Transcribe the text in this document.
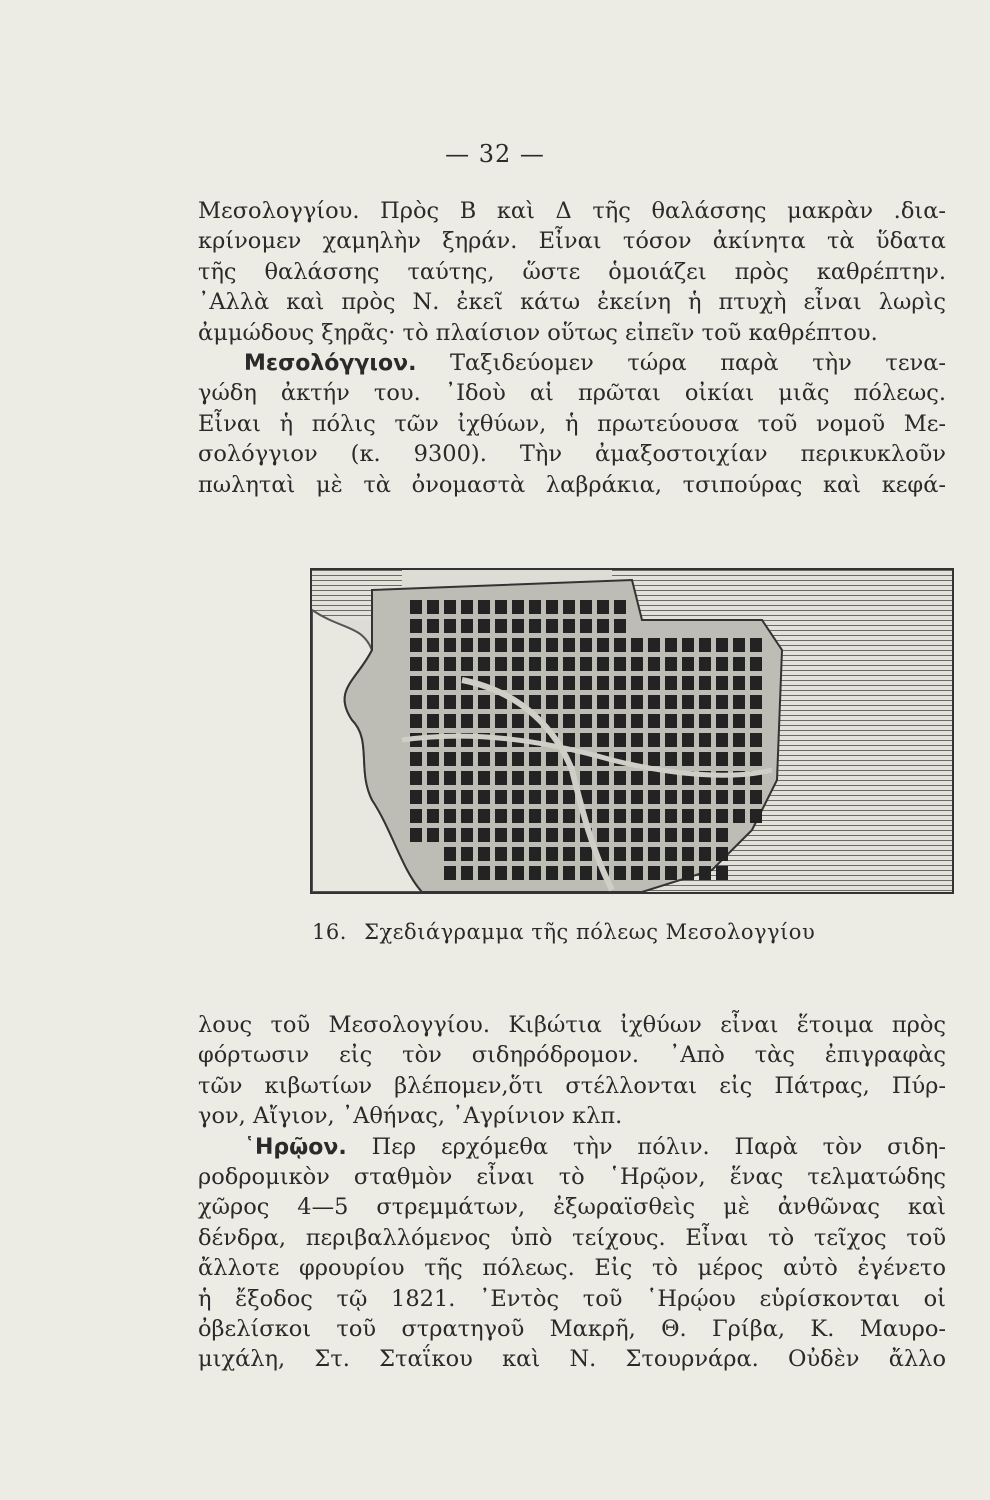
— 32 —
Μεσολογγίου. Πρὸς Β καὶ Δ τῆς θαλάσσης μακρὰν .δια-
κρίνομεν χαμηλὴν ξηράν. Εἶναι τόσον ἀκίνητα τὰ ὕδατα
τῆς θαλάσσης ταύτης, ὥστε ὁμοιάζει πρὸς καθρέπτην.
᾿Αλλὰ καὶ πρὸς Ν. ἐκεῖ κάτω ἐκείνη ἡ πτυχὴ εἶναι λωρὶς
ἀμμώδους ξηρᾶς· τὸ πλαίσιον οὕτως εἰπεῖν τοῦ καθρέπτου.
Μεσολόγγιον. Ταξιδεύομεν τώρα παρὰ τὴν τενα-
γώδη ἀκτήν του. ᾿Ιδοὺ αἱ πρῶται οἰκίαι μιᾶς πόλεως.
Εἶναι ἡ πόλις τῶν ἰχθύων, ἡ πρωτεύουσα τοῦ νομοῦ Με-
σολόγγιον (κ. 9300). Τὴν ἀμαξοστοιχίαν περικυκλοῦν
πωληταὶ μὲ τὰ ὀνομαστὰ λαβράκια, τσιπούρας καὶ κεφά-
16. Σχεδιάγραμμα τῆς πόλεως Μεσολογγίου
λους τοῦ Μεσολογγίου. Κιβώτια ἰχθύων εἶναι ἕτοιμα πρὸς
φόρτωσιν εἰς τὸν σιδηρόδρομον. ᾿Απὸ τὰς ἐπιγραφὰς
τῶν κιβωτίων βλέπομεν,ὅτι στέλλονται εἰς Πάτρας, Πύρ-
γον, Αἴγιον, ᾿Αθήνας, ᾿Αγρίνιον κλπ.
῾Ηρῷον. Περ ερχόμεθα τὴν πόλιν. Παρὰ τὸν σιδη-
ροδρομικὸν σταθμὸν εἶναι τὸ ῾Ηρῷον, ἕνας τελματώδης
χῶρος 4—5 στρεμμάτων, ἐξωραϊσθεὶς μὲ ἀνθῶνας καὶ
δένδρα, περιβαλλόμενος ὑπὸ τείχους. Εἶναι τὸ τεῖχος τοῦ
ἄλλοτε φρουρίου τῆς πόλεως. Εἰς τὸ μέρος αὐτὸ ἐγένετο
ἡ ἔξοδος τῷ 1821. ᾿Εντὸς τοῦ ῾Ηρῴου εὑρίσκονται οἱ
ὀβελίσκοι τοῦ στρατηγοῦ Μακρῆ, Θ. Γρίβα, Κ. Μαυρο-
μιχάλη, Στ. Σταΐκου καὶ Ν. Στουρνάρα. Οὐδὲν ἄλλο
